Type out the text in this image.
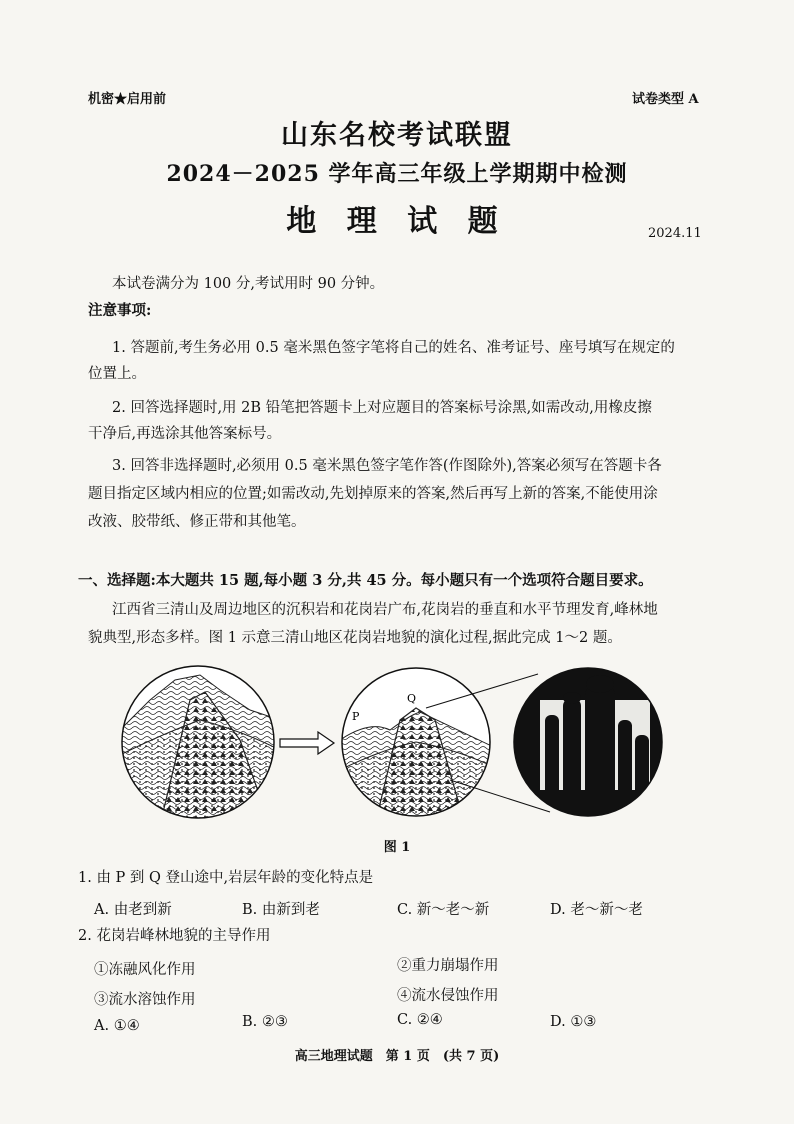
机密★启用前	试卷类型 A
山东名校考试联盟
2024－2025 学年高三年级上学期期中检测
地 理 试 题	2024.11
本试卷满分为 100 分,考试用时 90 分钟。
注意事项:
1. 答题前,考生务必用 0.5 毫米黑色签字笔将自己的姓名、准考证号、座号填写在规定的
位置上。
2. 回答选择题时,用 2B 铅笔把答题卡上对应题目的答案标号涂黑,如需改动,用橡皮擦
干净后,再选涂其他答案标号。
3. 回答非选择题时,必须用 0.5 毫米黑色签字笔作答(作图除外),答案必须写在答题卡各
题目指定区域内相应的位置;如需改动,先划掉原来的答案,然后再写上新的答案,不能使用涂
改液、胶带纸、修正带和其他笔。
一、选择题:本大题共 15 题,每小题 3 分,共 45 分。每小题只有一个选项符合题目要求。
江西省三清山及周边地区的沉积岩和花岗岩广布,花岗岩的垂直和水平节理发育,峰林地
貌典型,形态多样。图 1 示意三清山地区花岗岩地貌的演化过程,据此完成 1～2 题。
P
Q
图 1
1. 由 P 到 Q 登山途中,岩层年龄的变化特点是
A. 由老到新	B. 由新到老	C. 新～老～新	D. 老～新～老
2. 花岗岩峰林地貌的主导作用
①冻融风化作用	②重力崩塌作用
③流水溶蚀作用	④流水侵蚀作用
A. ①④	B. ②③	C. ②④	D. ①③
高三地理试题　第 1 页　(共 7 页)
